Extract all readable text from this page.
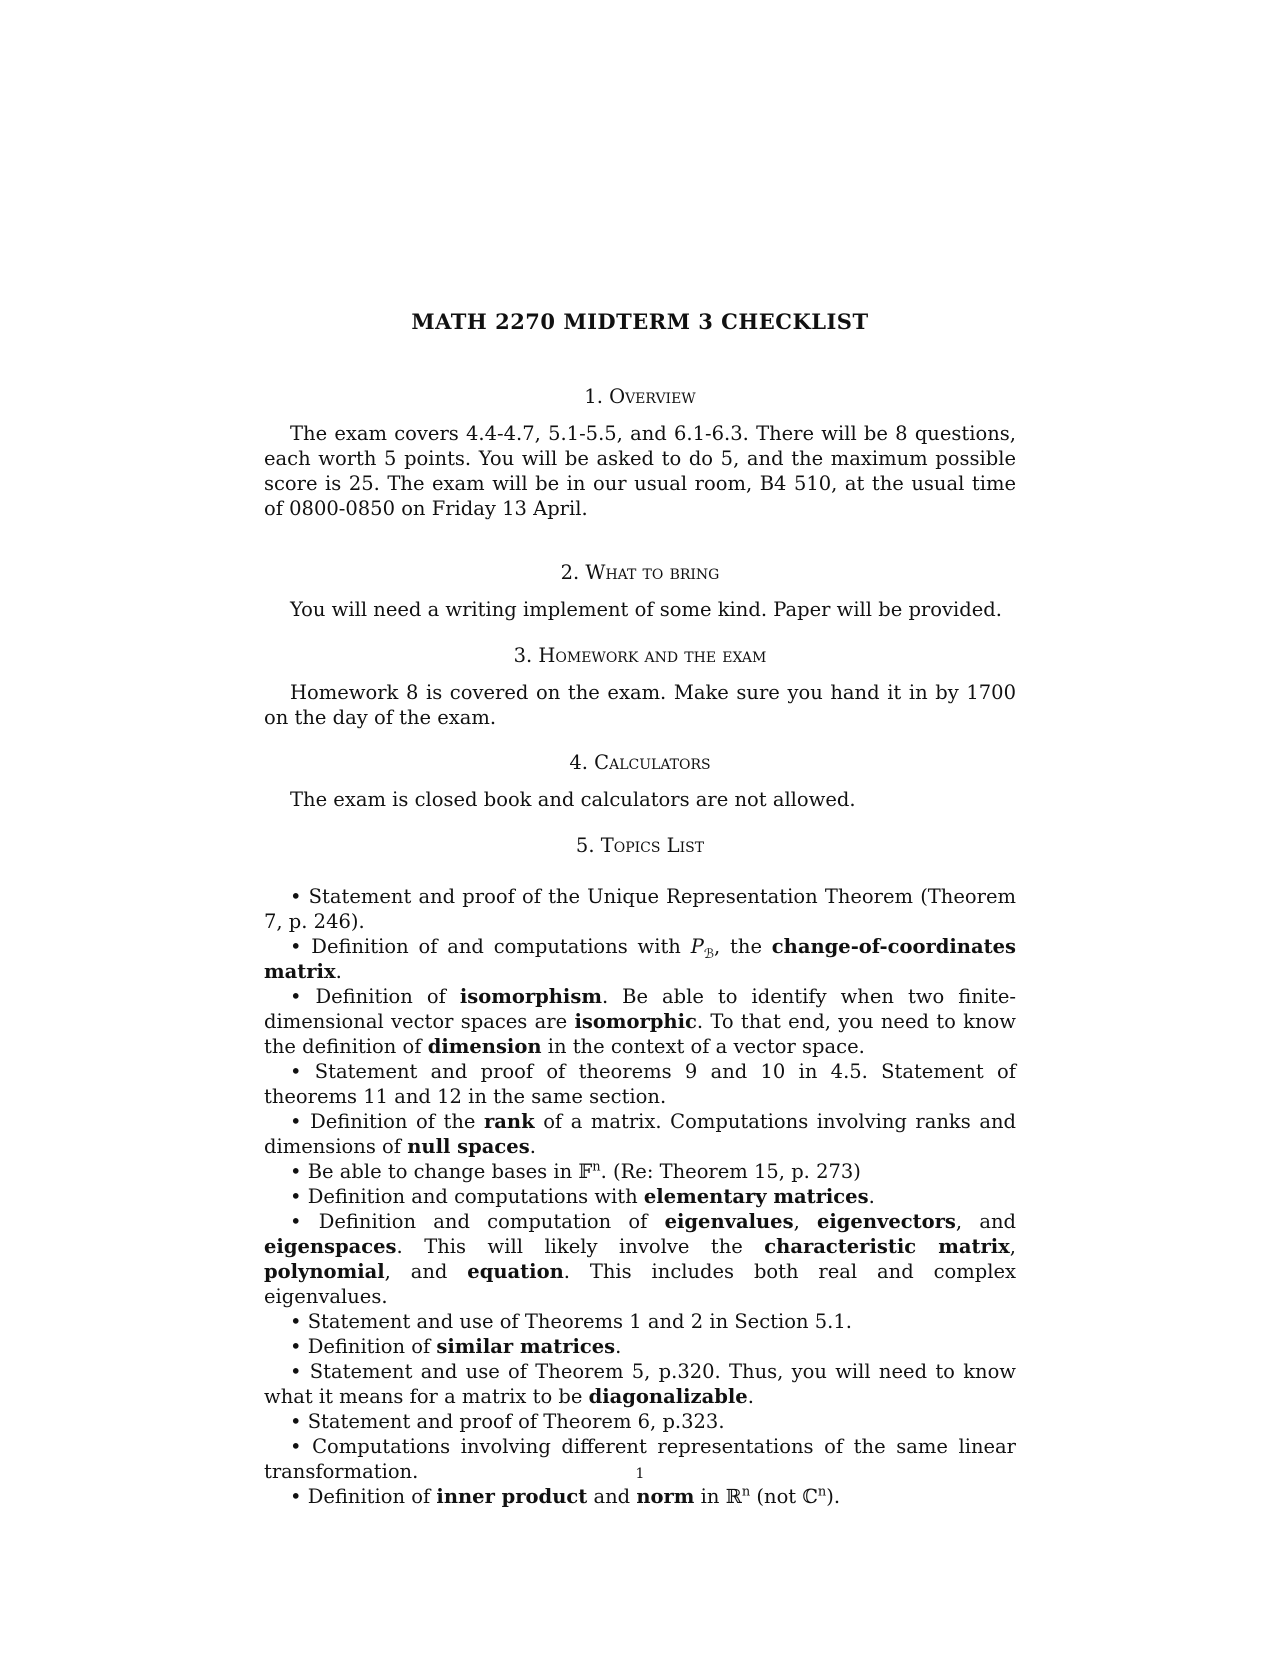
MATH 2270 MIDTERM 3 CHECKLIST
1. Overview

The exam covers 4.4-4.7, 5.1-5.5, and 6.1-6.3. There will be 8 questions, each worth 5 points. You will be asked to do 5, and the maximum possible score is 25. The exam will be in our usual room, B4 510, at the usual time of 0800-0850 on Friday 13 April.

2. What to bring

You will need a writing implement of some kind. Paper will be provided.

3. Homework and the exam

Homework 8 is covered on the exam. Make sure you hand it in by 1700 on the day of the exam.

4. Calculators

The exam is closed book and calculators are not allowed.

5. Topics List

• Statement and proof of the Unique Representation Theorem (Theorem 7, p. 246).

• Definition of and computations with $P_ℬ$, the change-of-coordinates matrix.

• Definition of isomorphism. Be able to identify when two finite-dimensional vector spaces are isomorphic. To that end, you need to know the definition of dimension in the context of a vector space.

• Statement and proof of theorems 9 and 10 in 4.5. Statement of theorems 11 and 12 in the same section.

• Definition of the rank of a matrix. Computations involving ranks and dimensions of null spaces.

• Be able to change bases in 𝔽$^n$. (Re: Theorem 15, p. 273)

• Definition and computations with elementary matrices.

• Definition and computation of eigenvalues, eigenvectors, and eigenspaces. This will likely involve the characteristic matrix, polynomial, and equation. This includes both real and complex eigenvalues.

• Statement and use of Theorems 1 and 2 in Section 5.1.

• Definition of similar matrices.

• Statement and use of Theorem 5, p.320. Thus, you will need to know what it means for a matrix to be diagonalizable.

• Statement and proof of Theorem 6, p.323.

• Computations involving different representations of the same linear transformation.

• Definition of inner product and norm in ℝ$^n$ (not ℂ$^n$).

1
